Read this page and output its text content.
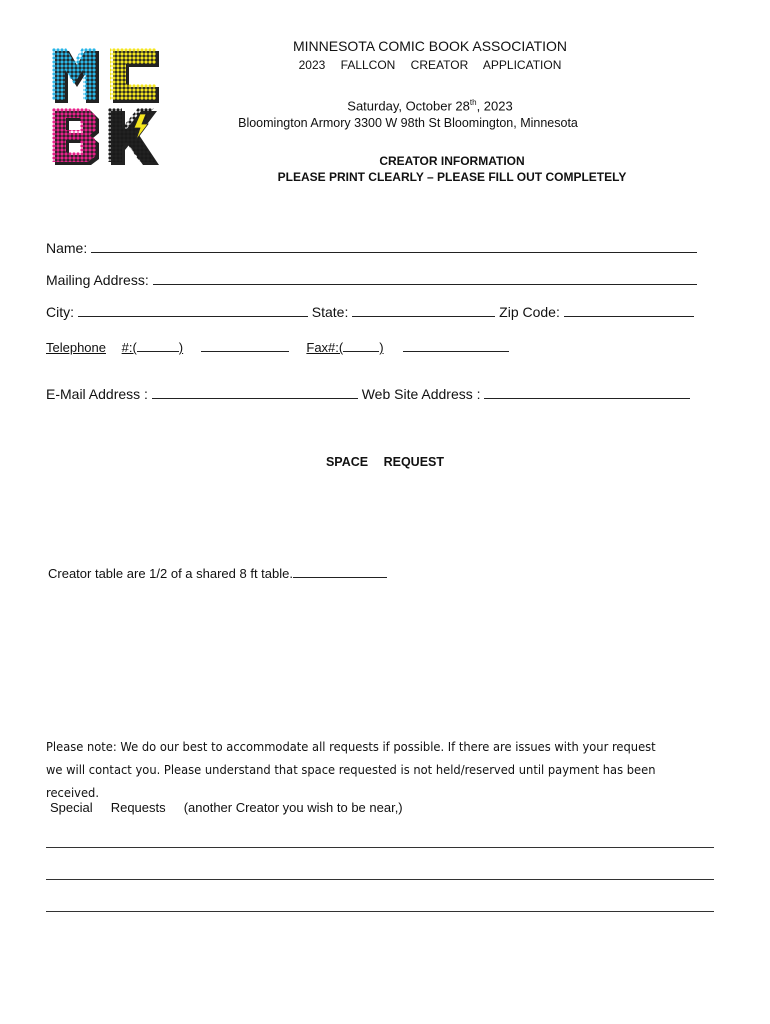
MINNESOTA COMIC BOOK ASSOCIATION
2023 FALLCON CREATOR APPLICATION
Saturday, October 28th, 2023
Bloomington Armory 3300 W 98th St Bloomington, Minnesota
CREATOR INFORMATION
PLEASE PRINT CLEARLY – PLEASE FILL OUT COMPLETELY
Name:
Mailing Address:
City:	State:	Zip Code:
Telephone #:(	)	Fax#:(	)
E-Mail Address :	Web Site Address :
SPACE REQUEST
Creator table are 1/2 of a shared 8 ft table.
Please note: We do our best to accommodate all requests if possible. If there are issues with your request we will contact you. Please understand that space requested is not held/reserved until payment has been received.
Special Requests (another Creator you wish to be near,)
